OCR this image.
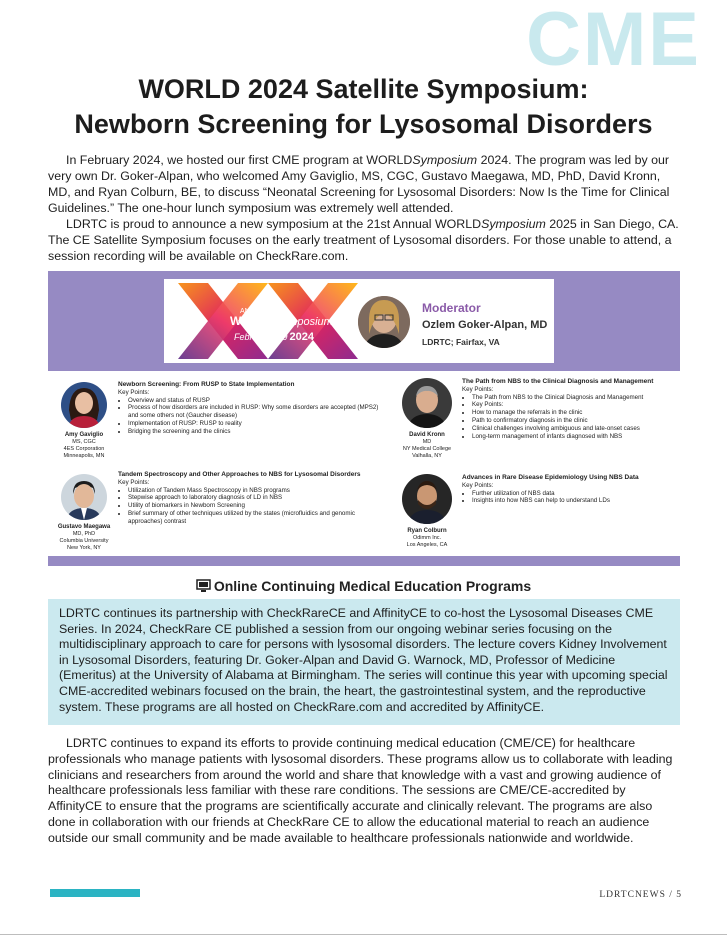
CME
WORLD 2024 Satellite Symposium:
Newborn Screening for Lysosomal Disorders

In February 2024, we hosted our first CME program at WORLDSymposium 2024. The program was led by our very own Dr. Goker-Alpan, who welcomed Amy Gaviglio, MS, CGC, Gustavo Maegawa, MD, PhD, David Kronn, MD, and Ryan Colburn, BE, to discuss “Neonatal Screening for Lysosomal Disorders: Now Is the Time for Clinical Guidelines.” The one-hour lunch symposium was extremely well attended.

LDRTC is proud to announce a new symposium at the 21st Annual WORLDSymposium 2025 in San Diego, CA. The CE Satellite Symposium focuses on the early treatment of Lysosomal disorders. For those unable to attend, a session recording will be available on CheckRare.com.

ANNUAL
WORLDSymposium™
February 4–9 2024
Moderator
Ozlem Goker-Alpan, MD
LDRTC; Fairfax, VA
Amy Gaviglio
MS, CGC
4ES Corporation
Minneapolis, MN
Gustavo Maegawa
MD, PhD
Columbia University
New York, NY
David Kronn
MD
NY Medical College
Valhalla, NY
Ryan Colburn
Odimm Inc.
Los Angeles, CA
Newborn Screening: From RUSP to State Implementation
Key Points:
• Overview and status of RUSP
• Process of how disorders are included in RUSP: Why some disorders are accepted (MPS2) and some others not (Gaucher disease)
• Implementation of RUSP: RUSP to reality
• Bridging the screening and the clinics
Tandem Spectroscopy and Other Approaches to NBS for Lysosomal Disorders
Key Points:
• Utilization of Tandem Mass Spectroscopy in NBS programs
• Stepwise approach to laboratory diagnosis of LD in NBS
• Utility of biomarkers in Newborn Screening
• Brief summary of other techniques utilized by the states (microfluidics and genomic approaches) contrast
The Path from NBS to the Clinical Diagnosis and Management
Key Points:
• The Path from NBS to the Clinical Diagnosis and Management
• Key Points:
• How to manage the referrals in the clinic
• Path to confirmatory diagnosis in the clinic
• Clinical challenges involving ambiguous and late-onset cases
• Long-term management of infants diagnosed with NBS
Advances in Rare Disease Epidemiology Using NBS Data
Key Points:
• Further utilization of NBS data
• Insights into how NBS can help to understand LDs
Online Continuing Medical Education Programs
LDRTC continues its partnership with CheckRareCE and AffinityCE to co-host the Lysosomal Diseases CME Series. In 2024, CheckRare CE published a session from our ongoing webinar series focusing on the multidisciplinary approach to care for persons with lysosomal disorders. The lecture covers Kidney Involvement in Lysosomal Disorders, featuring Dr. Goker-Alpan and David G. Warnock, MD, Professor of Medicine (Emeritus) at the University of Alabama at Birmingham. The series will continue this year with upcoming special CME-accredited webinars focused on the brain, the heart, the gastrointestinal system, and the reproductive system. These programs are all hosted on CheckRare.com and accredited by AffinityCE.

LDRTC continues to expand its efforts to provide continuing medical education (CME/CE) for healthcare professionals who manage patients with lysosomal disorders. These programs allow us to collaborate with leading clinicians and researchers from around the world and share that knowledge with a vast and growing audience of healthcare professionals less familiar with these rare conditions. The sessions are CME/CE-accredited by AffinityCE to ensure that the programs are scientifically accurate and clinically relevant. The programs are also done in collaboration with our friends at CheckRare CE to allow the educational material to reach an audience outside our small community and be made available to healthcare professionals nationwide and worldwide.

LDRTCNEWS / 5
